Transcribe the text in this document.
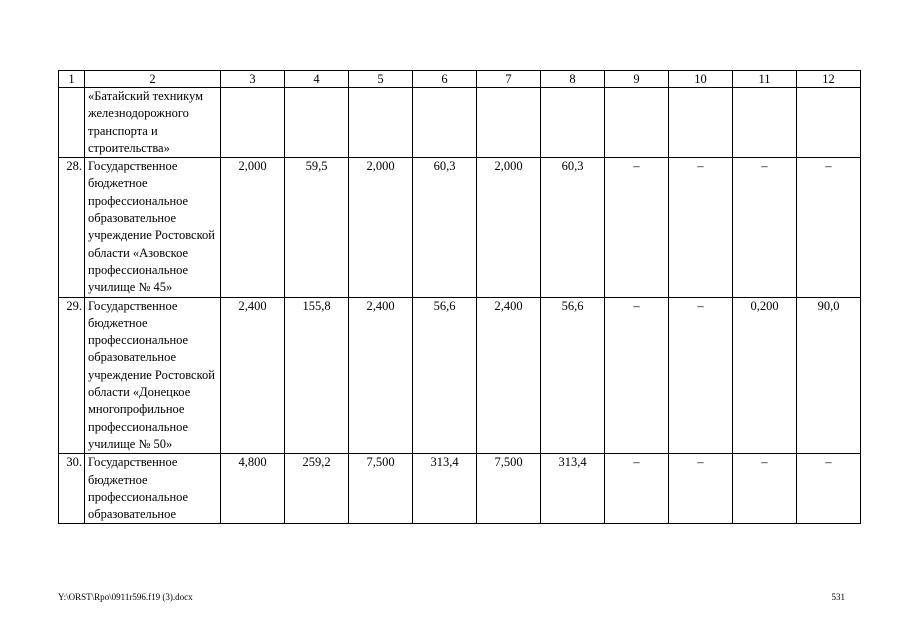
1	2	3	4	5	6	7	8	9	10	11	12
	«Батайский техникум железнодорожного транспорта и строительства»										
28.	Государственное бюджетное профессиональное образовательное учреждение Ростовской области «Азовское профессиональное училище № 45»	2,000	59,5	2,000	60,3	2,000	60,3	–	–	–	–
29.	Государственное бюджетное профессиональное образовательное учреждение Ростовской области «Донецкое многопрофильное профессиональное училище № 50»	2,400	155,8	2,400	56,6	2,400	56,6	–	–	0,200	90,0
30.	Государственное бюджетное профессиональное образовательное	4,800	259,2	7,500	313,4	7,500	313,4	–	–	–	–
Y:\ORST\Rpo\0911r596.f19 (3).docx	531
